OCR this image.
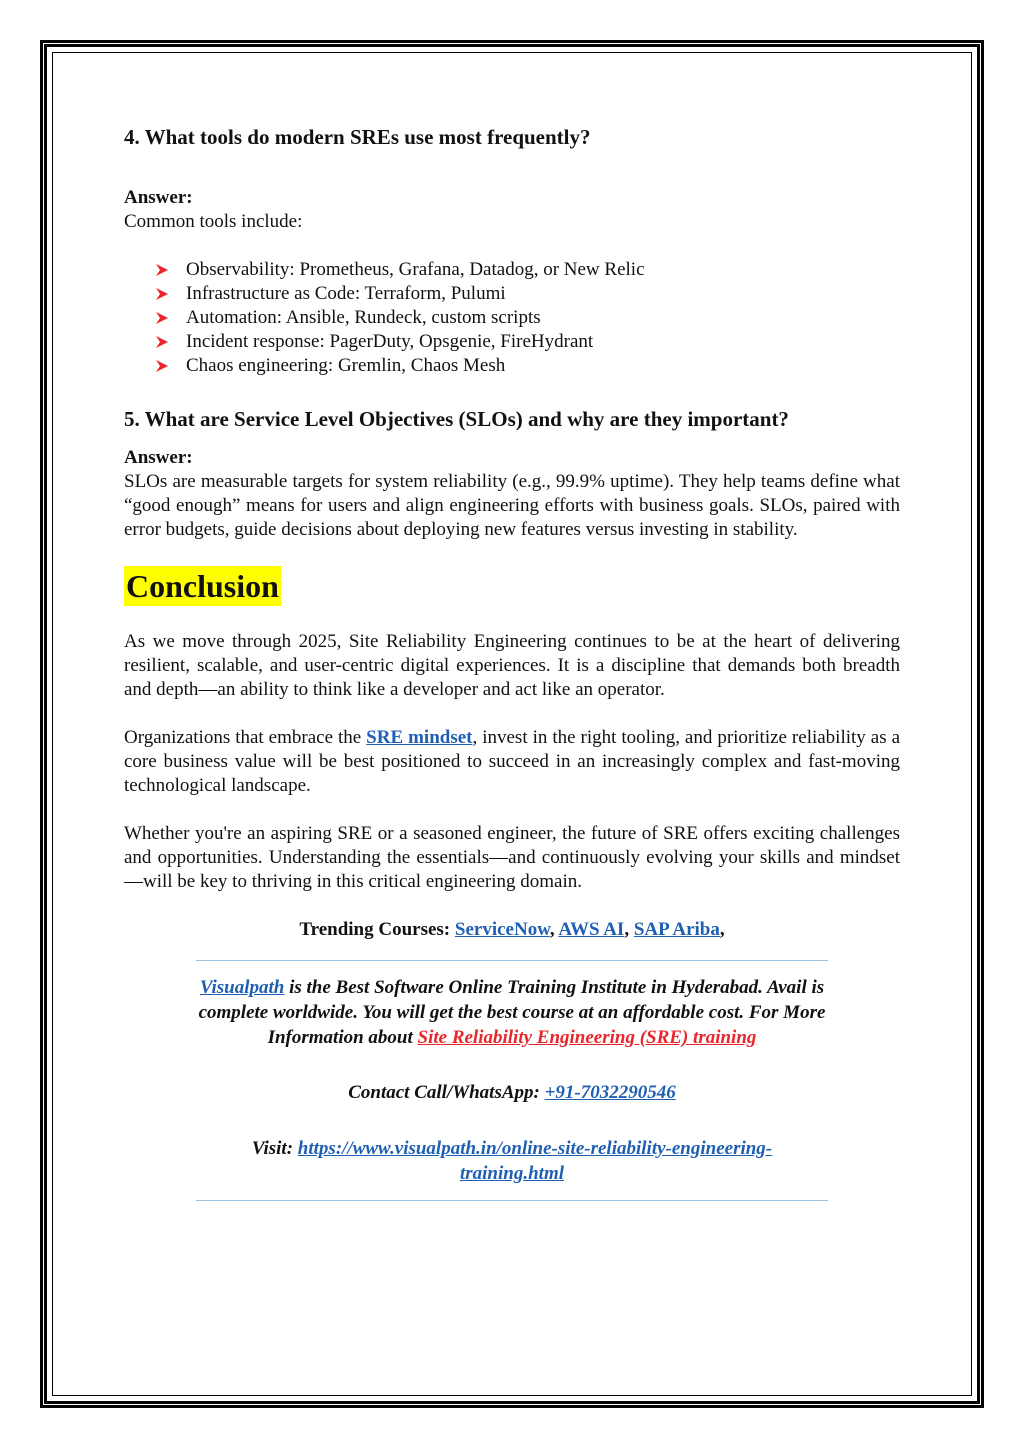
4. What tools do modern SREs use most frequently?

Answer:

Common tools include:

Observability: Prometheus, Grafana, Datadog, or New Relic
Infrastructure as Code: Terraform, Pulumi
Automation: Ansible, Rundeck, custom scripts
Incident response: PagerDuty, Opsgenie, FireHydrant
Chaos engineering: Gremlin, Chaos Mesh
5. What are Service Level Objectives (SLOs) and why are they important?

Answer:

SLOs are measurable targets for system reliability (e.g., 99.9% uptime). They help teams define what “good enough” means for users and align engineering efforts with business goals. SLOs, paired with error budgets, guide decisions about deploying new features versus investing in stability.

Conclusion

As we move through 2025, Site Reliability Engineering continues to be at the heart of delivering resilient, scalable, and user-centric digital experiences. It is a discipline that demands both breadth and depth—an ability to think like a developer and act like an operator.

Organizations that embrace the SRE mindset, invest in the right tooling, and prioritize reliability as a core business value will be best positioned to succeed in an increasingly complex and fast-moving technological landscape.

Whether you're an aspiring SRE or a seasoned engineer, the future of SRE offers exciting challenges and opportunities. Understanding the essentials—and continuously evolving your skills and mindset—will be key to thriving in this critical engineering domain.

Trending Courses: ServiceNow, AWS AI, SAP Ariba,

Visualpath is the Best Software Online Training Institute in Hyderabad. Avail is complete worldwide. You will get the best course at an affordable cost. For More Information about Site Reliability Engineering (SRE) training

Contact Call/WhatsApp: +91-7032290546

Visit: https://www.visualpath.in/online-site-reliability-engineering-training.html
